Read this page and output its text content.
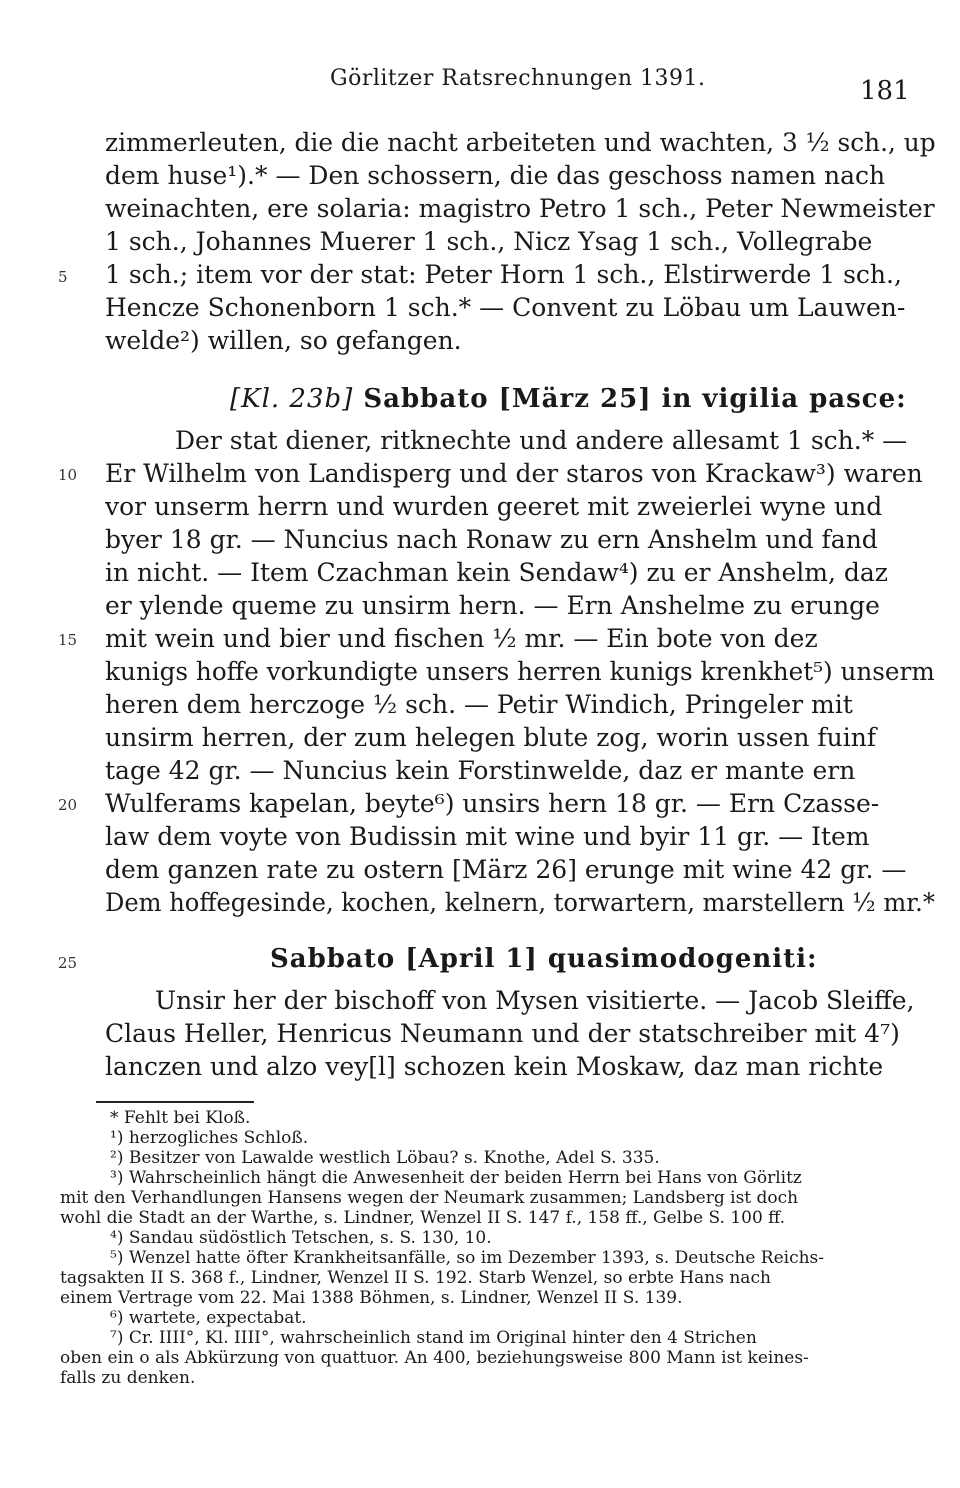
Görlitzer Ratsrechnungen 1391.	181
zimmerleuten, die die nacht arbeiteten und wachten, 3 ½ sch., up
dem huse¹).* — Den schossern, die das geschoss namen nach
weinachten, ere solaria: magistro Petro 1 sch., Peter Newmeister
1 sch., Johannes Muerer 1 sch., Nicz Ysag 1 sch., Vollegrabe
1 sch.; item vor der stat: Peter Horn 1 sch., Elstirwerde 1 sch.,
Hencze Schonenborn 1 sch.* — Convent zu Löbau um Lauwen-
welde²) willen, so gefangen.
[Kl. 23b] Sabbato [März 25] in vigilia pasce:
Der stat diener, ritknechte und andere allesamt 1 sch.* —
Er Wilhelm von Landisperg und der staros von Krackaw³) waren
vor unserm herrn und wurden geeret mit zweierlei wyne und
byer 18 gr. — Nuncius nach Ronaw zu ern Anshelm und fand
in nicht. — Item Czachman kein Sendaw⁴) zu er Anshelm, daz
er ylende queme zu unsirm hern. — Ern Anshelme zu erunge
mit wein und bier und fischen ½ mr. — Ein bote von dez
kunigs hoffe vorkundigte unsers herren kunigs krenkhet⁵) unserm
heren dem herczoge ½ sch. — Petir Windich, Pringeler mit
unsirm herren, der zum helegen blute zog, worin ussen fuinf
tage 42 gr. — Nuncius kein Forstinwelde, daz er mante ern
Wulferams kapelan, beyte⁶) unsirs hern 18 gr. — Ern Czasse-
law dem voyte von Budissin mit wine und byir 11 gr. — Item
dem ganzen rate zu ostern [März 26] erunge mit wine 42 gr. —
Dem hoffegesinde, kochen, kelnern, torwartern, marstellern ½ mr.*
Sabbato [April 1] quasimodogeniti:
Unsir her der bischoff von Mysen visitierte. — Jacob Sleiffe,
Claus Heller, Henricus Neumann und der statschreiber mit 4⁷)
lanczen und alzo vey[l] schozen kein Moskaw, daz man richte
5
10
15
20
25
* Fehlt bei Kloß.
¹) herzogliches Schloß.
²) Besitzer von Lawalde westlich Löbau? s. Knothe, Adel S. 335.
³) Wahrscheinlich hängt die Anwesenheit der beiden Herrn bei Hans von Görlitz
mit den Verhandlungen Hansens wegen der Neumark zusammen; Landsberg ist doch
wohl die Stadt an der Warthe, s. Lindner, Wenzel II S. 147 f., 158 ff., Gelbe S. 100 ff.
⁴) Sandau südöstlich Tetschen, s. S. 130, 10.
⁵) Wenzel hatte öfter Krankheitsanfälle, so im Dezember 1393, s. Deutsche Reichs-
tagsakten II S. 368 f., Lindner, Wenzel II S. 192. Starb Wenzel, so erbte Hans nach
einem Vertrage vom 22. Mai 1388 Böhmen, s. Lindner, Wenzel II S. 139.
⁶) wartete, expectabat.
⁷) Cr. IIII°, Kl. IIII°, wahrscheinlich stand im Original hinter den 4 Strichen
oben ein o als Abkürzung von quattuor. An 400, beziehungsweise 800 Mann ist keines-
falls zu denken.
